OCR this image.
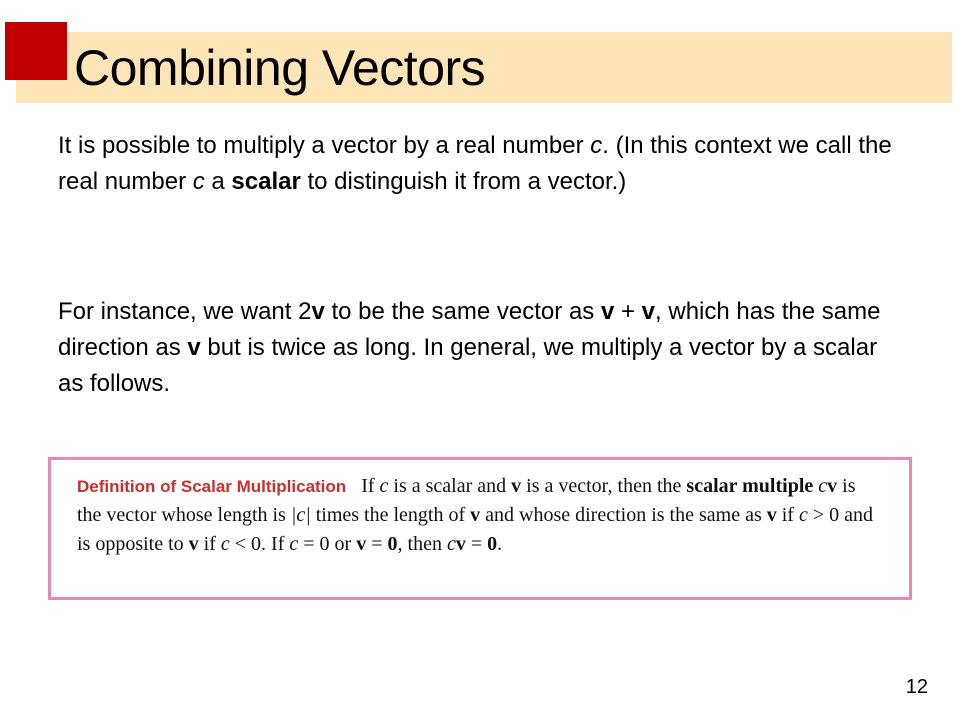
Combining Vectors

It is possible to multiply a vector by a real number c. (In this context we call the real number c a scalar to distinguish it from a vector.)

For instance, we want 2v to be the same vector as v + v, which has the same direction as v but is twice as long. In general, we multiply a vector by a scalar as follows.

Definition of Scalar Multiplication If c is a scalar and v is a vector, then the scalar multiple cv is the vector whose length is |c| times the length of v and whose direction is the same as v if c > 0 and is opposite to v if c < 0. If c = 0 or v = 0, then cv = 0.

12
